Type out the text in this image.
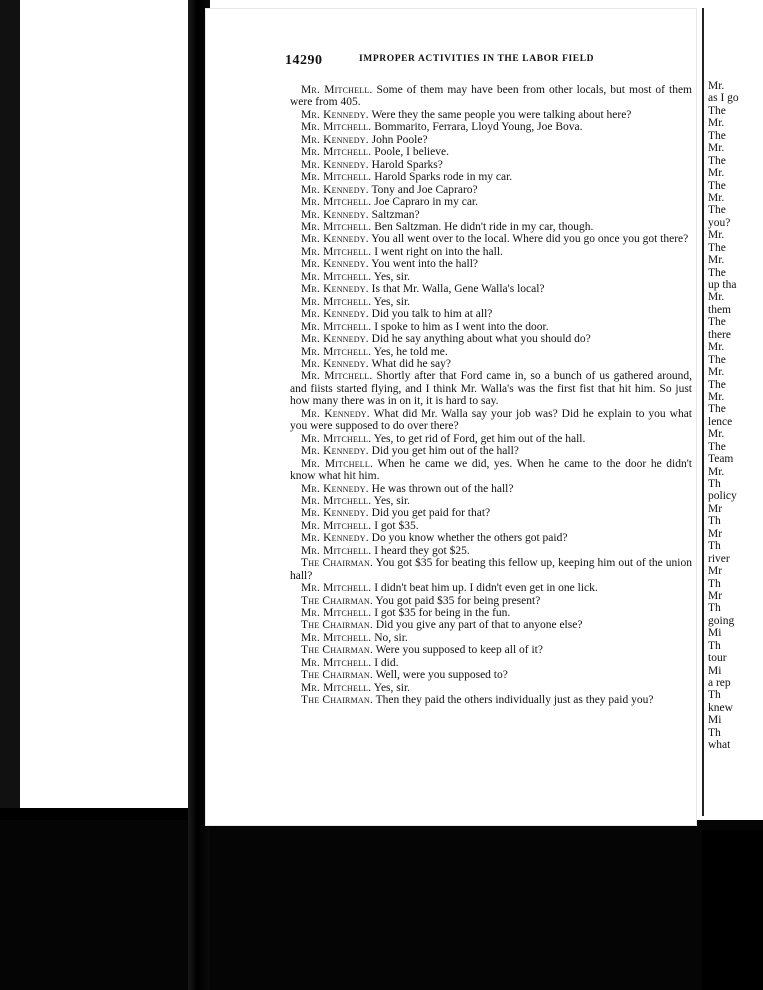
14290	IMPROPER ACTIVITIES IN THE LABOR FIELD

Mr. Mitchell. Some of them may have been from other locals, but most of them were from 405.

Mr. Kennedy. Were they the same people you were talking about here?

Mr. Mitchell. Bommarito, Ferrara, Lloyd Young, Joe Bova.

Mr. Kennedy. John Poole?

Mr. Mitchell. Poole, I believe.

Mr. Kennedy. Harold Sparks?

Mr. Mitchell. Harold Sparks rode in my car.

Mr. Kennedy. Tony and Joe Capraro?

Mr. Mitchell. Joe Capraro in my car.

Mr. Kennedy. Saltzman?

Mr. Mitchell. Ben Saltzman. He didn't ride in my car, though.

Mr. Kennedy. You all went over to the local. Where did you go once you got there?

Mr. Mitchell. I went right on into the hall.

Mr. Kennedy. You went into the hall?

Mr. Mitchell. Yes, sir.

Mr. Kennedy. Is that Mr. Walla, Gene Walla's local?

Mr. Mitchell. Yes, sir.

Mr. Kennedy. Did you talk to him at all?

Mr. Mitchell. I spoke to him as I went into the door.

Mr. Kennedy. Did he say anything about what you should do?

Mr. Mitchell. Yes, he told me.

Mr. Kennedy. What did he say?

Mr. Mitchell. Shortly after that Ford came in, so a bunch of us gathered around, and fiists started flying, and I think Mr. Walla's was the first fist that hit him. So just how many there was in on it, it is hard to say.

Mr. Kennedy. What did Mr. Walla say your job was? Did he explain to you what you were supposed to do over there?

Mr. Mitchell. Yes, to get rid of Ford, get him out of the hall.

Mr. Kennedy. Did you get him out of the hall?

Mr. Mitchell. When he came we did, yes. When he came to the door he didn't know what hit him.

Mr. Kennedy. He was thrown out of the hall?

Mr. Mitchell. Yes, sir.

Mr. Kennedy. Did you get paid for that?

Mr. Mitchell. I got $35.

Mr. Kennedy. Do you know whether the others got paid?

Mr. Mitchell. I heard they got $25.

The Chairman. You got $35 for beating this fellow up, keeping him out of the union hall?

Mr. Mitchell. I didn't beat him up. I didn't even get in one lick.

The Chairman. You got paid $35 for being present?

Mr. Mitchell. I got $35 for being in the fun.

The Chairman. Did you give any part of that to anyone else?

Mr. Mitchell. No, sir.

The Chairman. Were you supposed to keep all of it?

Mr. Mitchell. I did.

The Chairman. Well, were you supposed to?

Mr. Mitchell. Yes, sir.

The Chairman. Then they paid the others individually just as they paid you?

Mr.
as I go
The
Mr.
The
Mr.
The
Mr.
The
Mr.
The
you?
Mr.
The
Mr.
The
up tha
Mr.
them
The
there
Mr.
The
Mr.
The
Mr.
The
lence
Mr.
The
Team
Mr.
Th
policy
Mr
Th
Mr
Th
river
Mr
Th
Mr
Th
going
Mi
Th
tour
Mi
a rep
Th
knew
Mi
Th
what
